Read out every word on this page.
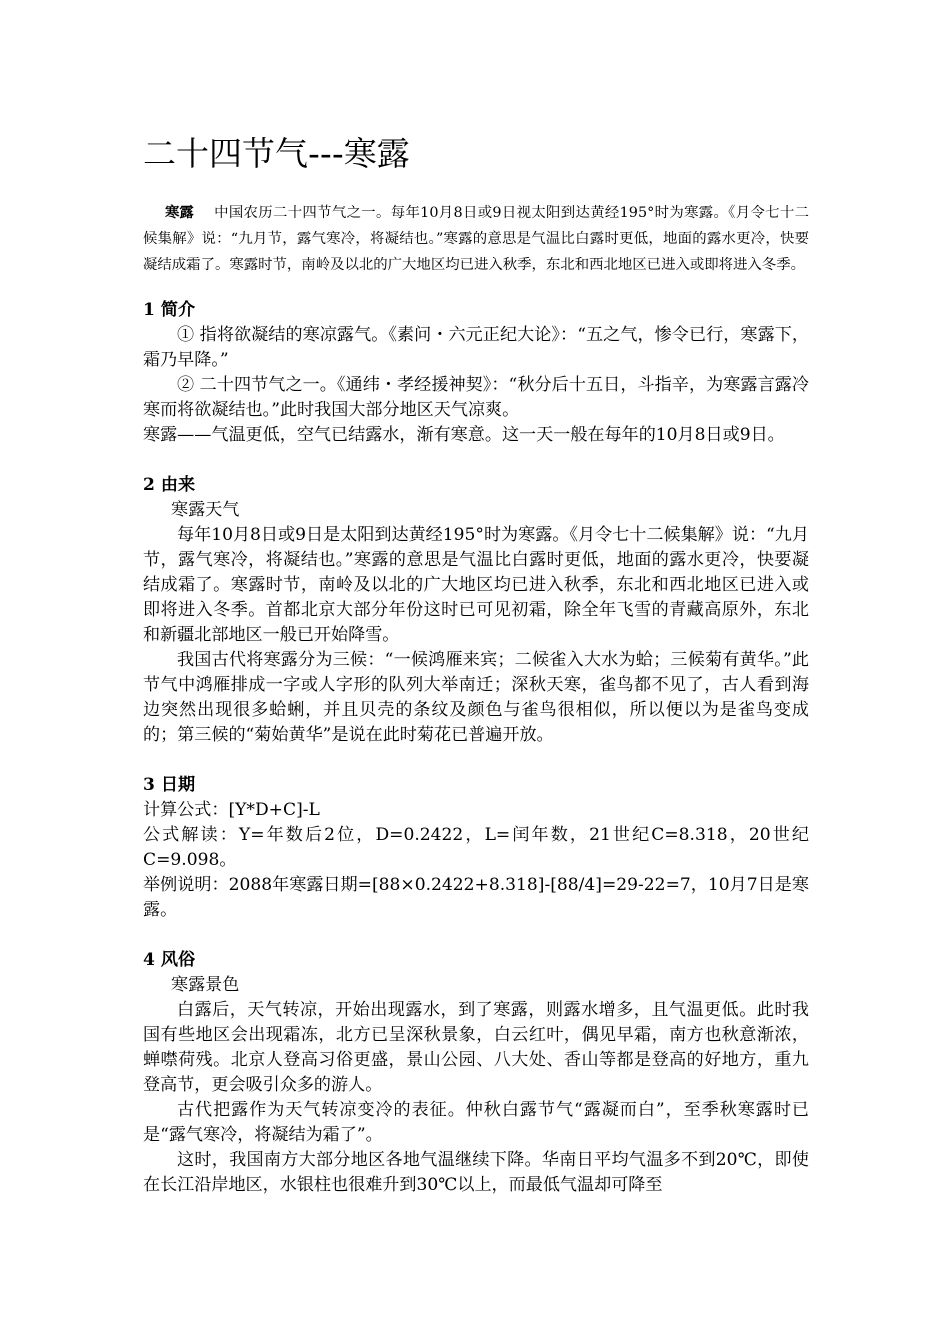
二十四节气---寒露

寒露 中国农历二十四节气之一。每年10月8日或9日视太阳到达黄经195°时为寒露。《月令七十二候集解》说：“九月节，露气寒冷，将凝结也。”寒露的意思是气温比白露时更低，地面的露水更冷，快要凝结成霜了。寒露时节，南岭及以北的广大地区均已进入秋季，东北和西北地区已进入或即将进入冬季。

1 简介

① 指将欲凝结的寒凉露气。《素问・六元正纪大论》：“五之气，惨令已行，寒露下，霜乃早降。”

② 二十四节气之一。《通纬・孝经援神契》：“秋分后十五日，斗指辛，为寒露言露冷寒而将欲凝结也。”此时我国大部分地区天气凉爽。

寒露——气温更低，空气已结露水，渐有寒意。这一天一般在每年的10月8日或9日。

2 由来

寒露天气

每年10月8日或9日是太阳到达黄经195°时为寒露。《月令七十二候集解》说：“九月节，露气寒冷，将凝结也。”寒露的意思是气温比白露时更低，地面的露水更冷，快要凝结成霜了。寒露时节，南岭及以北的广大地区均已进入秋季，东北和西北地区已进入或即将进入冬季。首都北京大部分年份这时已可见初霜，除全年飞雪的青藏高原外，东北和新疆北部地区一般已开始降雪。

我国古代将寒露分为三候：“一候鸿雁来宾；二候雀入大水为蛤；三候菊有黄华。”此节气中鸿雁排成一字或人字形的队列大举南迁；深秋天寒，雀鸟都不见了，古人看到海边突然出现很多蛤蜊，并且贝壳的条纹及颜色与雀鸟很相似，所以便以为是雀鸟变成的；第三候的“菊始黄华”是说在此时菊花已普遍开放。

3 日期

计算公式：[Y*D+C]-L

公式解读：Y=年数后2位，D=0.2422，L=闰年数，21世纪C=8.318，20世纪C=9.098。

举例说明：2088年寒露日期=[88×0.2422+8.318]-[88/4]=29-22=7，10月7日是寒露。

4 风俗

寒露景色

白露后，天气转凉，开始出现露水，到了寒露，则露水增多，且气温更低。此时我国有些地区会出现霜冻，北方已呈深秋景象，白云红叶，偶见早霜，南方也秋意渐浓，蝉噤荷残。北京人登高习俗更盛，景山公园、八大处、香山等都是登高的好地方，重九登高节，更会吸引众多的游人。

古代把露作为天气转凉变冷的表征。仲秋白露节气“露凝而白”，至季秋寒露时已是“露气寒冷，将凝结为霜了”。

这时，我国南方大部分地区各地气温继续下降。华南日平均气温多不到20℃，即使在长江沿岸地区，水银柱也很难升到30℃以上，而最低气温却可降至
